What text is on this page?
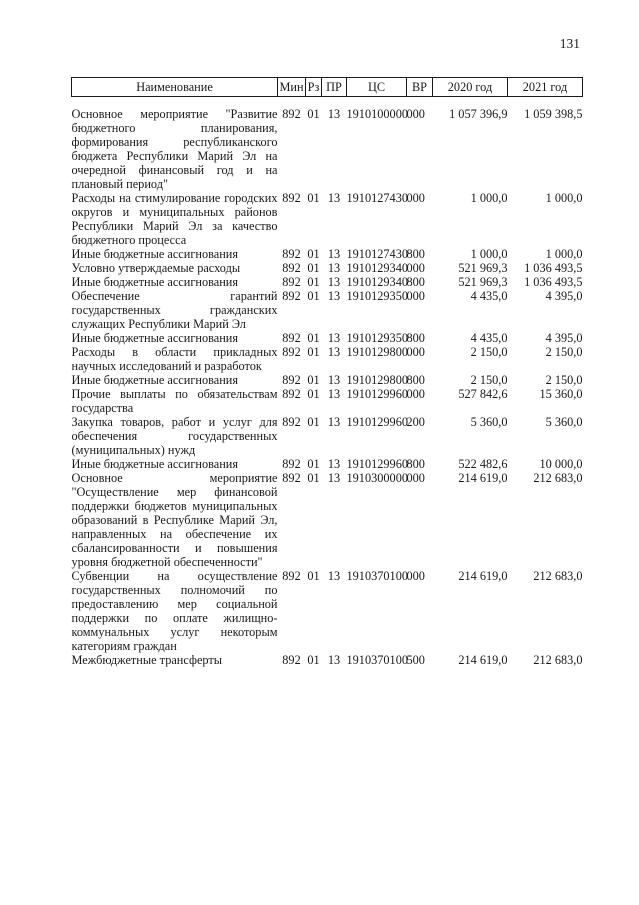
131
Наименование	Мин	Рз	ПР	ЦС	ВР	2020 год	2021 год
Основное мероприятие "Развитие бюджетного планирования, формирования республиканского бюджета Республики Марий Эл на очередной финансовый год и на плановый период"	892	01	13	1910100000	000	1 057 396,9	1 059 398,5
Расходы на стимулирование городских округов и муниципальных районов Республики Марий Эл за качество бюджетного процесса	892	01	13	1910127430	000	1 000,0	1 000,0
Иные бюджетные ассигнования	892	01	13	1910127430	800	1 000,0	1 000,0
Условно утверждаемые расходы	892	01	13	1910129340	000	521 969,3	1 036 493,5
Иные бюджетные ассигнования	892	01	13	1910129340	800	521 969,3	1 036 493,5
Обеспечение гарантий государственных гражданских служащих Республики Марий Эл	892	01	13	1910129350	000	4 435,0	4 395,0
Иные бюджетные ассигнования	892	01	13	1910129350	800	4 435,0	4 395,0
Расходы в области прикладных научных исследований и разработок	892	01	13	1910129800	000	2 150,0	2 150,0
Иные бюджетные ассигнования	892	01	13	1910129800	800	2 150,0	2 150,0
Прочие выплаты по обязательствам государства	892	01	13	1910129960	000	527 842,6	15 360,0
Закупка товаров, работ и услуг для обеспечения государственных (муниципальных) нужд	892	01	13	1910129960	200	5 360,0	5 360,0
Иные бюджетные ассигнования	892	01	13	1910129960	800	522 482,6	10 000,0
Основное мероприятие "Осуществление мер финансовой поддержки бюджетов муниципальных образований в Республике Марий Эл, направленных на обеспечение их сбалансированности и повышения уровня бюджетной обеспеченности"	892	01	13	1910300000	000	214 619,0	212 683,0
Субвенции на осуществление государственных полномочий по предоставлению мер социальной поддержки по оплате жилищно-коммунальных услуг некоторым категориям граждан	892	01	13	1910370100	000	214 619,0	212 683,0
Межбюджетные трансферты	892	01	13	1910370100	500	214 619,0	212 683,0
